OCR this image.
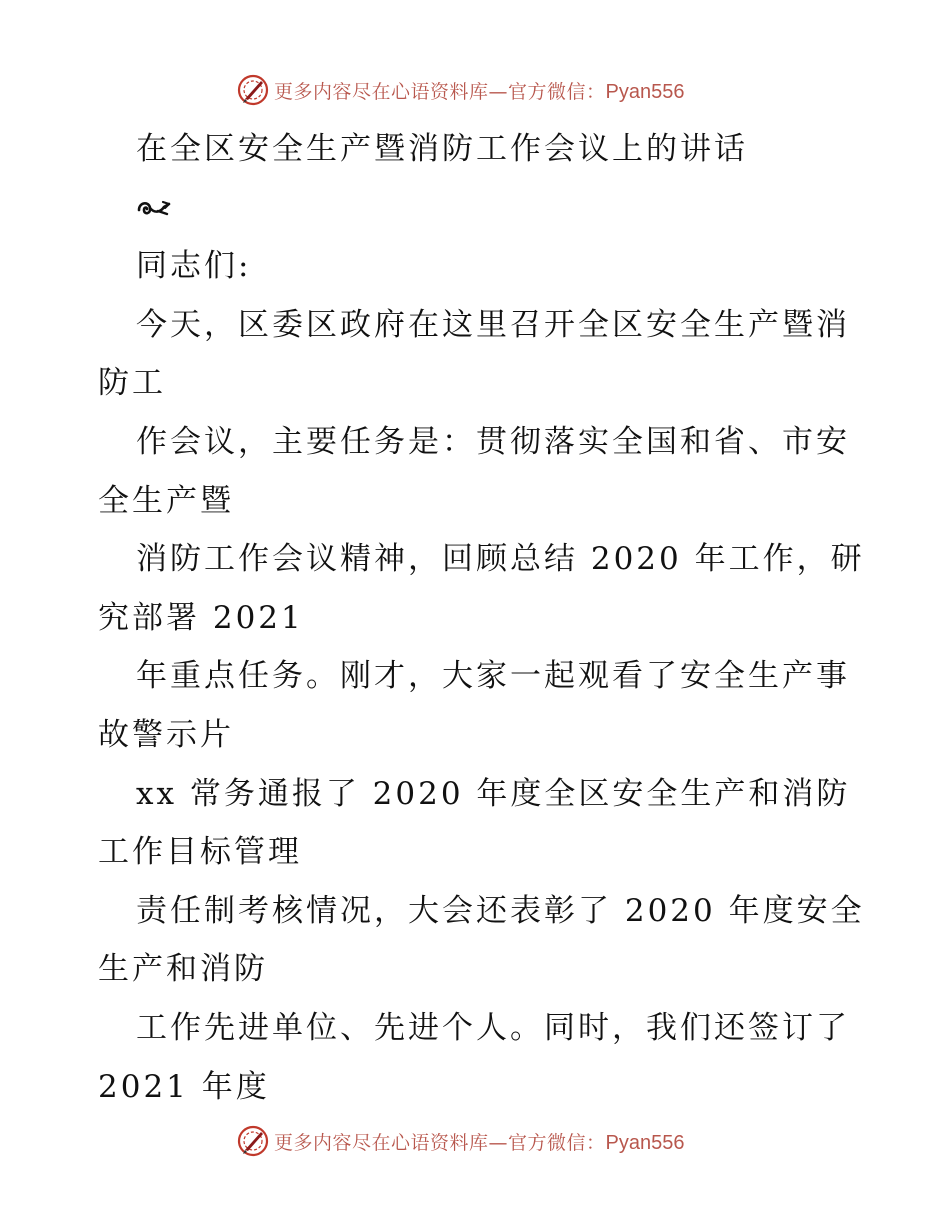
更多内容尽在心语资料库—官方微信：Pyan556
在全区安全生产暨消防工作会议上的讲话
同志们:
今天，区委区政府在这里召开全区安全生产暨消
防工
作会议，主要任务是：贯彻落实全国和省、市安
全生产暨
消防工作会议精神，回顾总结 2020 年工作，研
究部署 2021
年重点任务。刚才，大家一起观看了安全生产事
故警示片
xx 常务通报了 2020 年度全区安全生产和消防
工作目标管理
责任制考核情况，大会还表彰了 2020 年度安全
生产和消防
工作先进单位、先进个人。同时，我们还签订了
2021 年度
更多内容尽在心语资料库—官方微信：Pyan556
